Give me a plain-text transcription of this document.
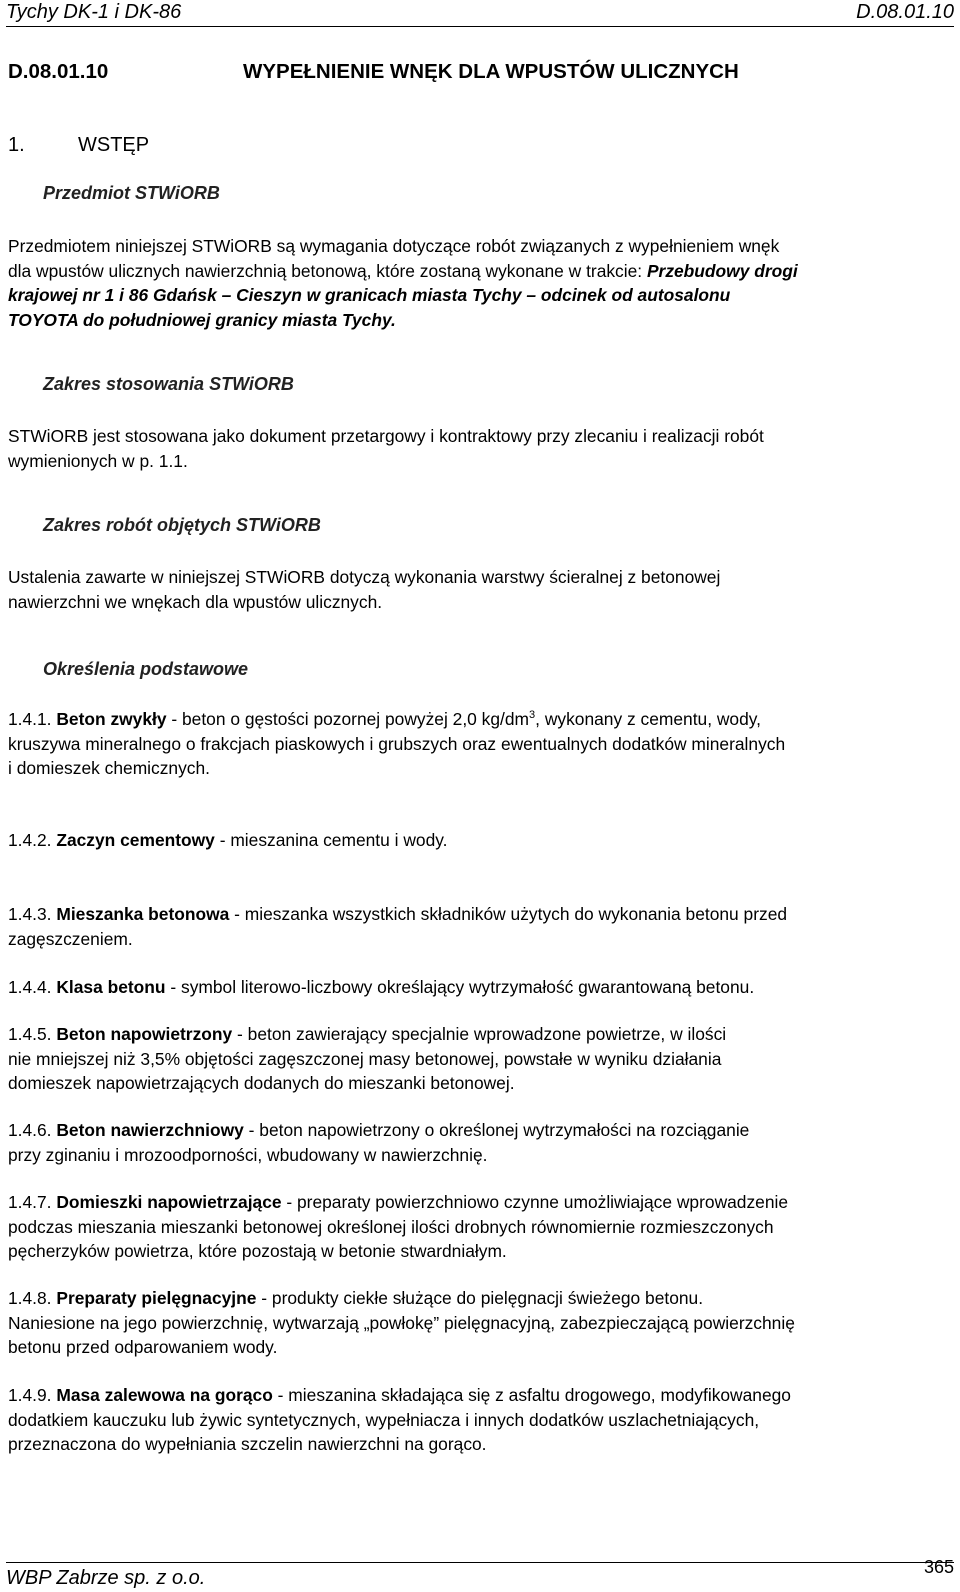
Tychy DK-1 i DK-86	D.08.01.10
D.08.01.10	WYPEŁNIENIE WNĘK DLA WPUSTÓW ULICZNYCH
1.	WSTĘP
Przedmiot STWiORB
Przedmiotem niniejszej STWiORB są wymagania dotyczące robót związanych z wypełnieniem wnęk
dla wpustów ulicznych nawierzchnią betonową, które zostaną wykonane w trakcie: Przebudowy drogi
krajowej nr 1 i 86 Gdańsk – Cieszyn w granicach miasta Tychy – odcinek od autosalonu
TOYOTA do południowej granicy miasta Tychy.
Zakres stosowania STWiORB
STWiORB jest stosowana jako dokument przetargowy i kontraktowy przy zlecaniu i realizacji robót
wymienionych w p. 1.1.
Zakres robót objętych STWiORB
Ustalenia zawarte w niniejszej STWiORB dotyczą wykonania warstwy ścieralnej z betonowej
nawierzchni we wnękach dla wpustów ulicznych.
Określenia podstawowe
1.4.1. Beton zwykły - beton o gęstości pozornej powyżej 2,0 $kg/dm^3$, wykonany z cementu, wody,
kruszywa mineralnego o frakcjach piaskowych i grubszych oraz ewentualnych dodatków mineralnych
i domieszek chemicznych.
1.4.2. Zaczyn cementowy - mieszanina cementu i wody.
1.4.3. Mieszanka betonowa - mieszanka wszystkich składników użytych do wykonania betonu przed
zagęszczeniem.
1.4.4. Klasa betonu - symbol literowo-liczbowy określający wytrzymałość gwarantowaną betonu.
1.4.5. Beton napowietrzony - beton zawierający specjalnie wprowadzone powietrze, w ilości
nie mniejszej niż 3,5% objętości zagęszczonej masy betonowej, powstałe w wyniku działania
domieszek napowietrzających dodanych do mieszanki betonowej.
1.4.6. Beton nawierzchniowy - beton napowietrzony o określonej wytrzymałości na rozciąganie
przy zginaniu i mrozoodporności, wbudowany w nawierzchnię.
1.4.7. Domieszki napowietrzające - preparaty powierzchniowo czynne umożliwiające wprowadzenie
podczas mieszania mieszanki betonowej określonej ilości drobnych równomiernie rozmieszczonych
pęcherzyków powietrza, które pozostają w betonie stwardniałym.
1.4.8. Preparaty pielęgnacyjne - produkty ciekłe służące do pielęgnacji świeżego betonu.
Naniesione na jego powierzchnię, wytwarzają „powłokę” pielęgnacyjną, zabezpieczającą powierzchnię
betonu przed odparowaniem wody.
1.4.9. Masa zalewowa na gorąco - mieszanina składająca się z asfaltu drogowego, modyfikowanego
dodatkiem kauczuku lub żywic syntetycznych, wypełniacza i innych dodatków uszlachetniających,
przeznaczona do wypełniania szczelin nawierzchni na gorąco.
WBP Zabrze sp. z o.o.	365
